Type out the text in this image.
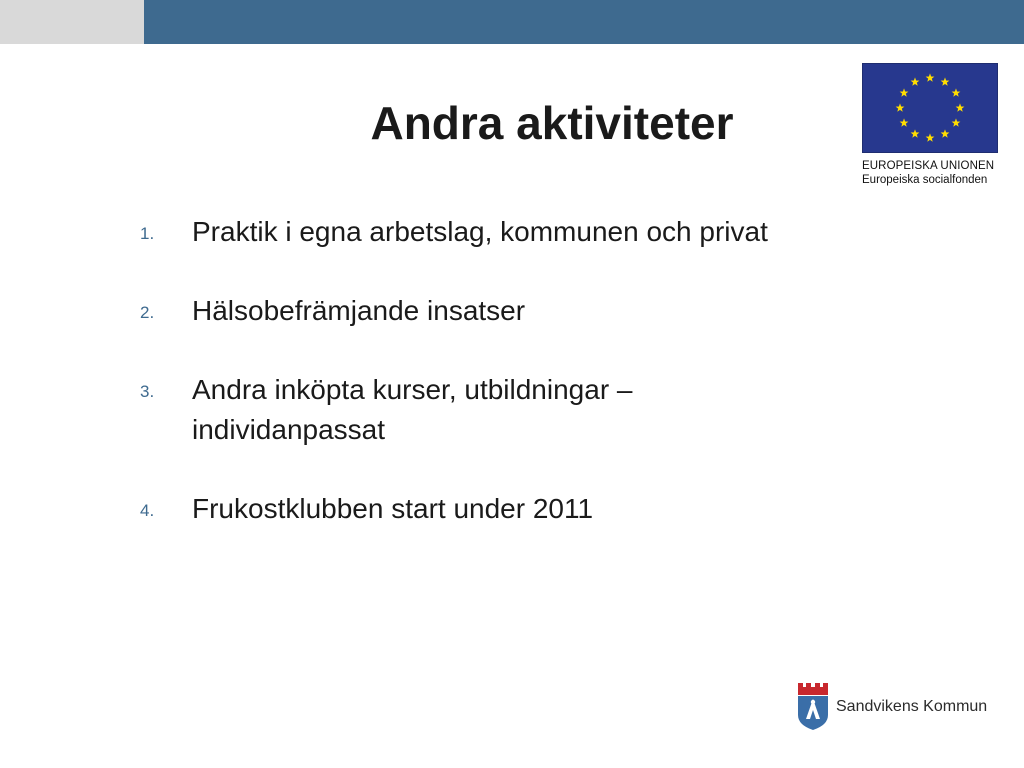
Andra aktiviteter
EUROPEISKA UNIONEN
Europeiska socialfonden
1.	Praktik i egna arbetslag, kommunen och privat
2.	Hälsobefrämjande insatser
3.	Andra inköpta kurser, utbildningar – individanpassat
4.	Frukostklubben start under 2011
Sandvikens Kommun
